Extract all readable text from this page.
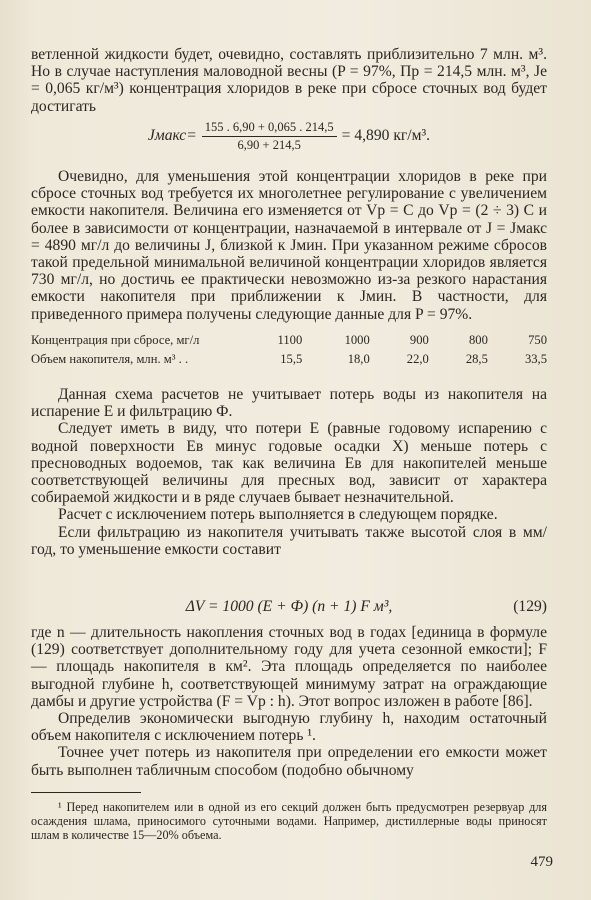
ветленной жидкости будет, очевидно, составлять приблизительно 7 млн. м³. Но в случае наступления маловодной весны (P = 97%, Пр = 214,5 млн. м³, Jе = 0,065 кг/м³) концентрация хлоридов в реке при сбросе сточных вод будет достигать

Jмакс = $\frac{155 . 6,90 + 0,065 . 214,5}{6,90 + 214,5} = 4,890$ кг/м³.

Очевидно, для уменьшения этой концентрации хлоридов в реке при сбросе сточных вод требуется их многолетнее регулирование с увеличением емкости накопителя. Величина его изменяется от Vр = C до Vр = (2 ÷ 3) C и более в зависимости от концентрации, назначаемой в интервале от J = Jмакс = 4890 мг/л до величины J, близкой к Jмин. При указанном режиме сбросов такой предельной минимальной величиной концентрации хлоридов является 730 мг/л, но достичь ее практически невозможно из-за резкого нарастания емкости накопителя при приближении к Jмин. В частности, для приведенного примера получены следующие данные для P = 97%.

Концентрация при сбросе, мг/л	1100	1000	900	800	750
Объем накопителя, млн. м³ . .	15,5	18,0	22,0	28,5	33,5

Данная схема расчетов не учитывает потерь воды из накопителя на испарение E и фильтрацию Ф.

Следует иметь в виду, что потери E (равные годовому испарению с водной поверхности Eв минус годовые осадки X) меньше потерь с пресноводных водоемов, так как величина Eв для накопителей меньше соответствующей величины для пресных вод, зависит от характера собираемой жидкости и в ряде случаев бывает незначительной.

Расчет с исключением потерь выполняется в следующем порядке.

Если фильтрацию из накопителя учитывать также высотой слоя в мм/год, то уменьшение емкости составит

ΔV = 1000 (E + Ф) (n + 1) F м³,	(129)

где n — длительность накопления сточных вод в годах [единица в формуле (129) соответствует дополнительному году для учета сезонной емкости]; F — площадь накопителя в км². Эта площадь определяется по наиболее выгодной глубине h, соответствующей минимуму затрат на ограждающие дамбы и другие устройства (F = Vр : h). Этот вопрос изложен в работе [86].

Определив экономически выгодную глубину h, находим остаточный объем накопителя с исключением потерь ¹.

Точнее учет потерь из накопителя при определении его емкости может быть выполнен табличным способом (подобно обычному

¹ Перед накопителем или в одной из его секций должен быть предусмотрен резервуар для осаждения шлама, приносимого суточными водами. Например, дистиллерные воды приносят шлам в количестве 15—20% объема.

479
